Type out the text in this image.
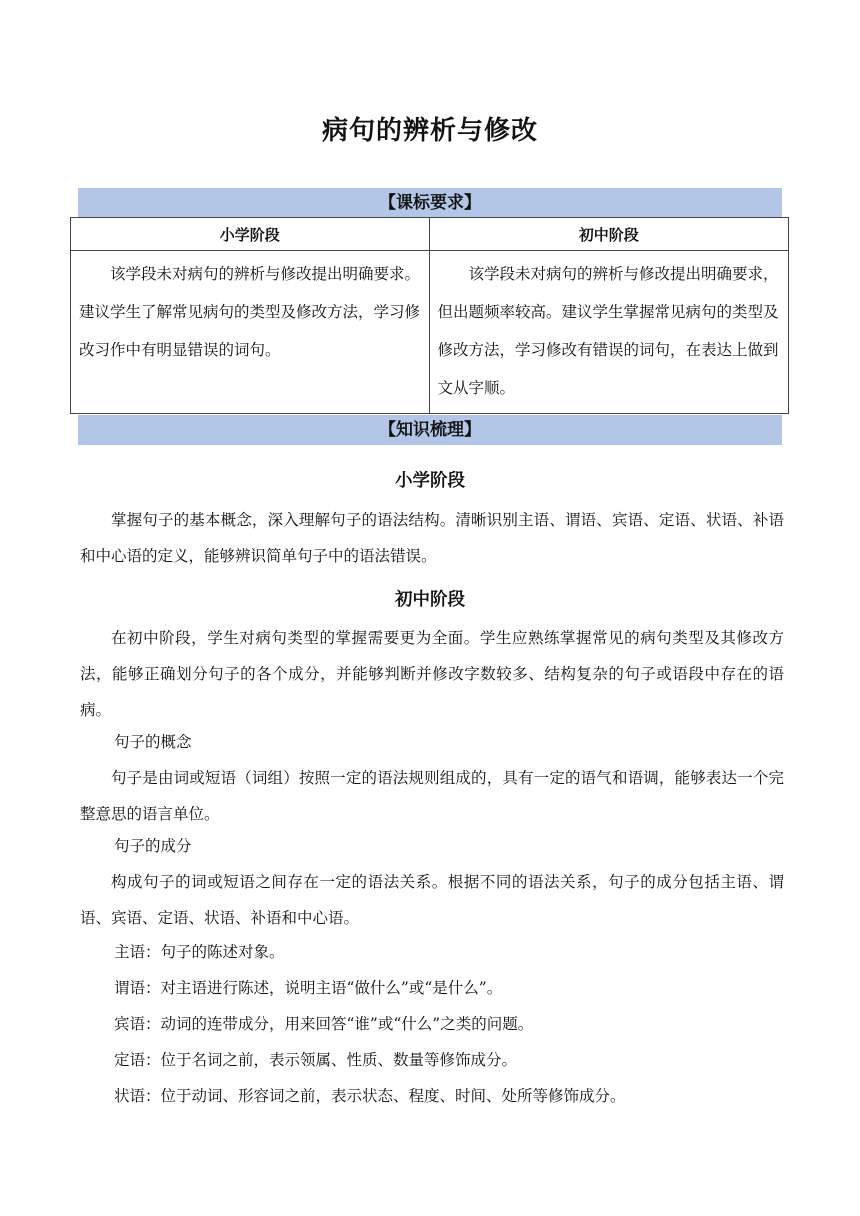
病句的辨析与修改
【课标要求】
小学阶段	初中阶段
该学段未对病句的辨析与修改提出明确要求。建议学生了解常见病句的类型及修改方法，学习修改习作中有明显错误的词句。	该学段未对病句的辨析与修改提出明确要求，但出题频率较高。建议学生掌握常见病句的类型及修改方法，学习修改有错误的词句，在表达上做到文从字顺。
【知识梳理】
小学阶段
掌握句子的基本概念，深入理解句子的语法结构。清晰识别主语、谓语、宾语、定语、状语、补语和中心语的定义，能够辨识简单句子中的语法错误。
初中阶段
在初中阶段，学生对病句类型的掌握需要更为全面。学生应熟练掌握常见的病句类型及其修改方法，能够正确划分句子的各个成分，并能够判断并修改字数较多、结构复杂的句子或语段中存在的语病。
句子的概念
句子是由词或短语（词组）按照一定的语法规则组成的，具有一定的语气和语调，能够表达一个完整意思的语言单位。
句子的成分
构成句子的词或短语之间存在一定的语法关系。根据不同的语法关系，句子的成分包括主语、谓语、宾语、定语、状语、补语和中心语。
主语：句子的陈述对象。
谓语：对主语进行陈述，说明主语“做什么”或“是什么”。
宾语：动词的连带成分，用来回答“谁”或“什么”之类的问题。
定语：位于名词之前，表示领属、性质、数量等修饰成分。
状语：位于动词、形容词之前，表示状态、程度、时间、处所等修饰成分。
